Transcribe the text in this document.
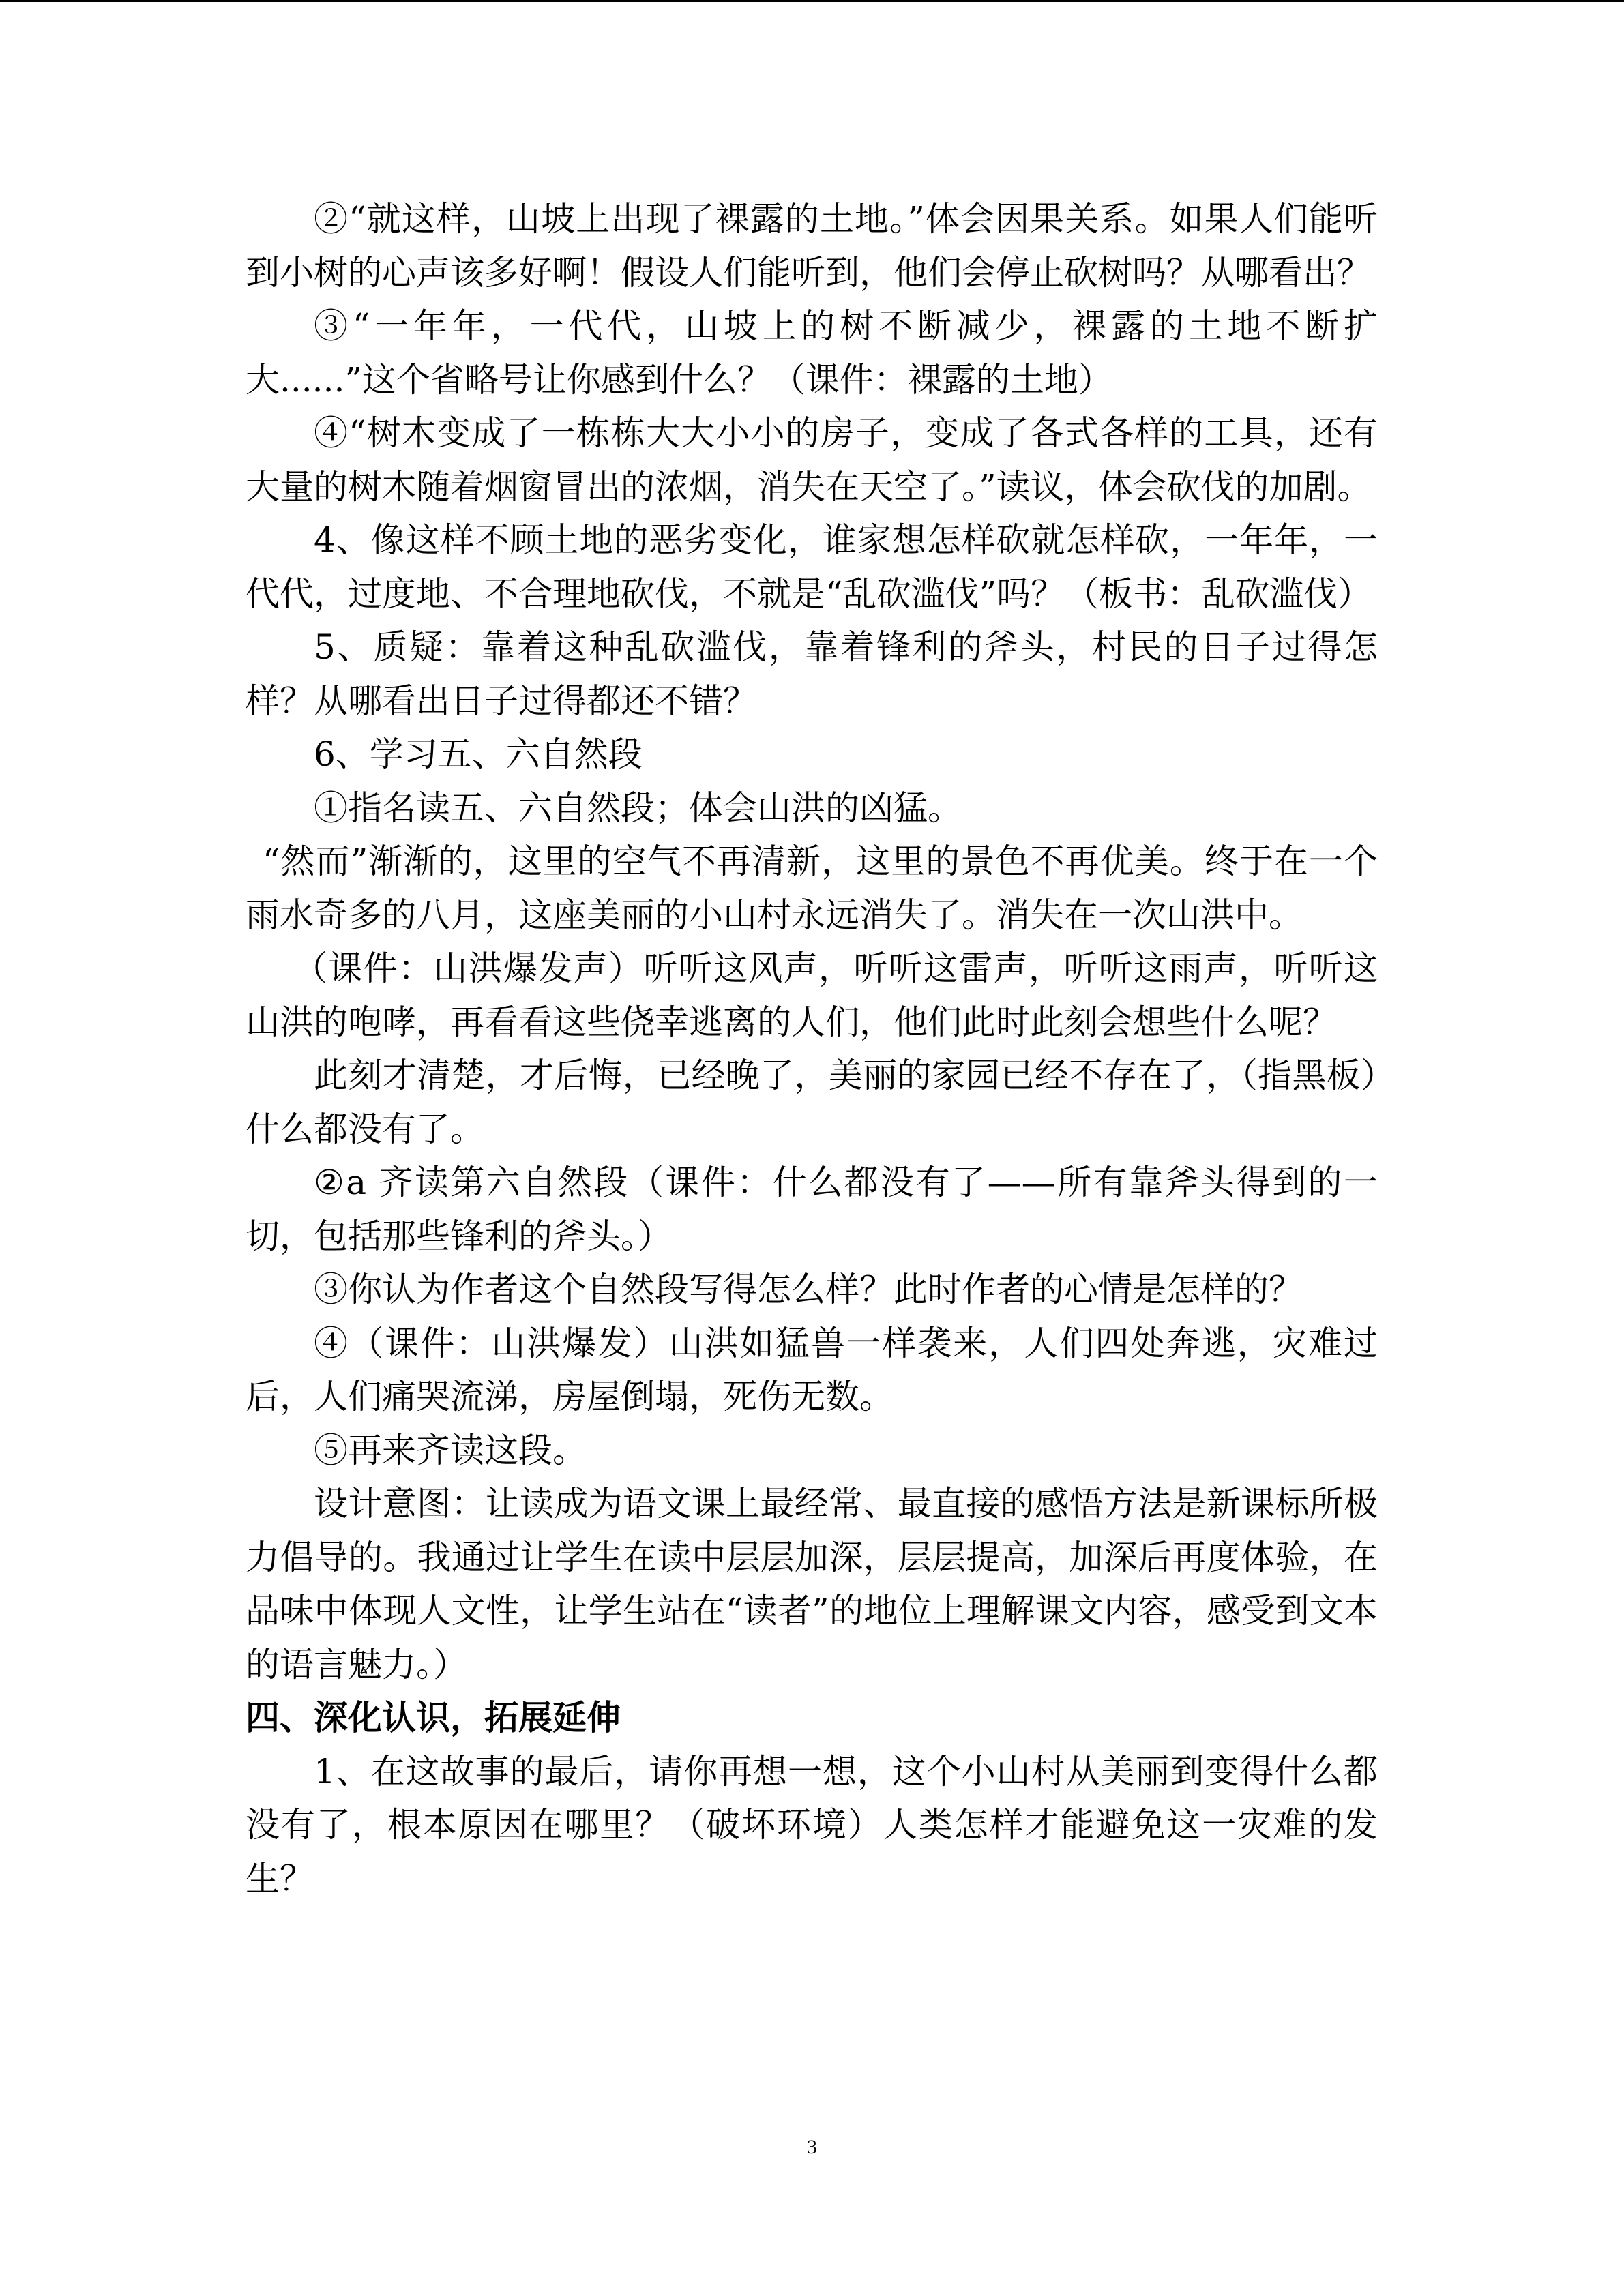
②“就这样，山坡上出现了裸露的土地。”体会因果关系。如果人们能听到小树的心声该多好啊！假设人们能听到，他们会停止砍树吗？从哪看出？

③“一年年，一代代，山坡上的树不断减少，裸露的土地不断扩大......”这个省略号让你感到什么？（课件：裸露的土地）

④“树木变成了一栋栋大大小小的房子，变成了各式各样的工具，还有大量的树木随着烟窗冒出的浓烟，消失在天空了。”读议，体会砍伐的加剧。

4、像这样不顾土地的恶劣变化，谁家想怎样砍就怎样砍，一年年，一代代，过度地、不合理地砍伐，不就是“乱砍滥伐”吗？（板书：乱砍滥伐）

5、质疑：靠着这种乱砍滥伐，靠着锋利的斧头，村民的日子过得怎样？从哪看出日子过得都还不错？

6、学习五、六自然段

①指名读五、六自然段；体会山洪的凶猛。

“然而”渐渐的，这里的空气不再清新，这里的景色不再优美。终于在一个雨水奇多的八月，这座美丽的小山村永远消失了。消失在一次山洪中。

（课件：山洪爆发声）听听这风声，听听这雷声，听听这雨声，听听这山洪的咆哮，再看看这些侥幸逃离的人们，他们此时此刻会想些什么呢？

此刻才清楚，才后悔，已经晚了，美丽的家园已经不存在了，（指黑板）什么都没有了。

②a 齐读第六自然段（课件：什么都没有了——所有靠斧头得到的一切，包括那些锋利的斧头。）

③你认为作者这个自然段写得怎么样？此时作者的心情是怎样的？

④（课件：山洪爆发）山洪如猛兽一样袭来，人们四处奔逃，灾难过后，人们痛哭流涕，房屋倒塌，死伤无数。

⑤再来齐读这段。

设计意图：让读成为语文课上最经常、最直接的感悟方法是新课标所极力倡导的。我通过让学生在读中层层加深，层层提高，加深后再度体验，在品味中体现人文性，让学生站在“读者”的地位上理解课文内容，感受到文本的语言魅力。）

四、深化认识，拓展延伸

1、在这故事的最后，请你再想一想，这个小山村从美丽到变得什么都没有了，根本原因在哪里？（破坏环境）人类怎样才能避免这一灾难的发生？

3
